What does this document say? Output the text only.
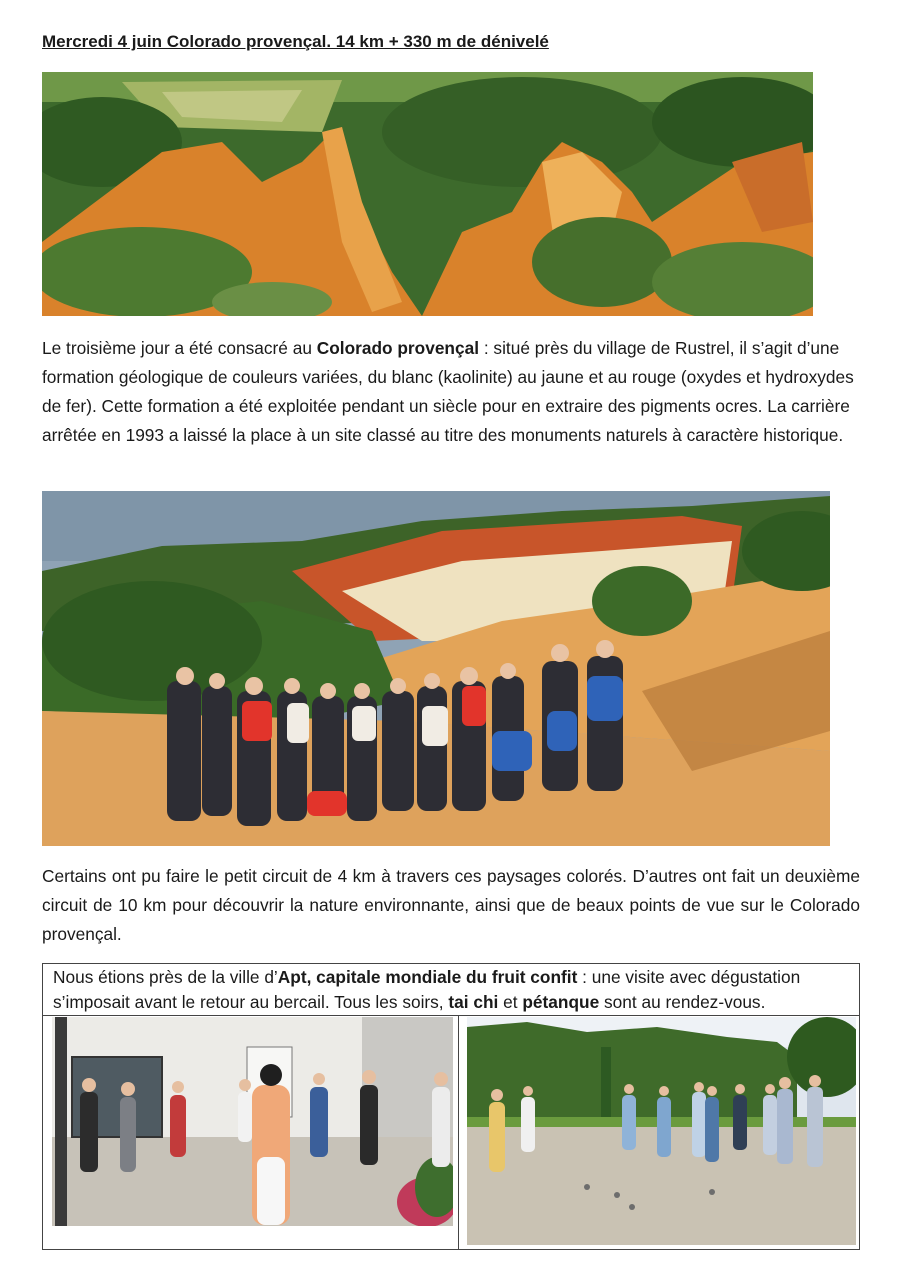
Mercredi 4 juin Colorado provençal. 14 km + 330 m de dénivelé

Le troisième jour a été consacré au Colorado provençal : situé près du village de Rustrel, il s’agit d’une formation géologique de couleurs variées, du blanc (kaolinite) au jaune et au rouge (oxydes et hydroxydes de fer). Cette formation a été exploitée pendant un siècle pour en extraire des pigments ocres. La carrière arrêtée en 1993 a laissé la place à un site classé au titre des monuments naturels à caractère historique.

Certains ont pu faire le petit circuit de 4 km à travers ces paysages colorés. D’autres ont fait un deuxième circuit de 10 km pour découvrir la nature environnante, ainsi que de beaux points de vue sur le Colorado provençal.

Nous étions près de la ville d’Apt, capitale mondiale du fruit confit : une visite avec dégustation s’imposait avant le retour au bercail. Tous les soirs, tai chi et pétanque sont au rendez-vous.
